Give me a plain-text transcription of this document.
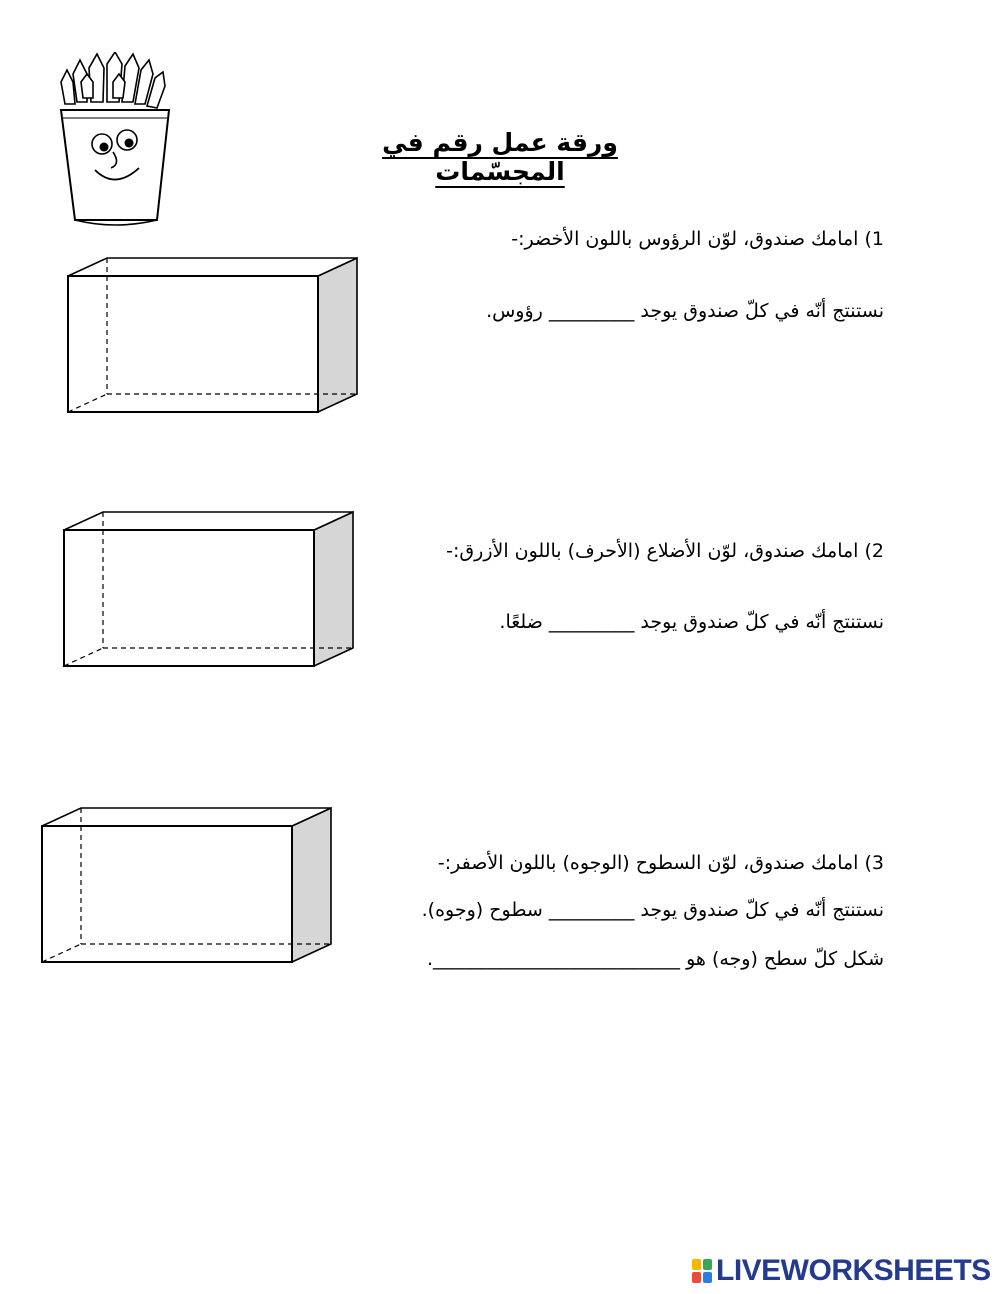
ورقة عمل رقم في المجسّمات
1) امامك صندوق، لوّن الرؤوس باللون الأخضر:-
نستنتج أنّه في كلّ صندوق يوجد _________ رؤوس.
2) امامك صندوق، لوّن الأضلاع (الأحرف) باللون الأزرق:-
نستنتج أنّه في كلّ صندوق يوجد _________ ضلعًا.
3) امامك صندوق، لوّن السطوح (الوجوه) باللون الأصفر:-
نستنتج أنّه في كلّ صندوق يوجد _________ سطوح (وجوه).
شكل كلّ سطح (وجه) هو __________________________.
LIVEWORKSHEETS
